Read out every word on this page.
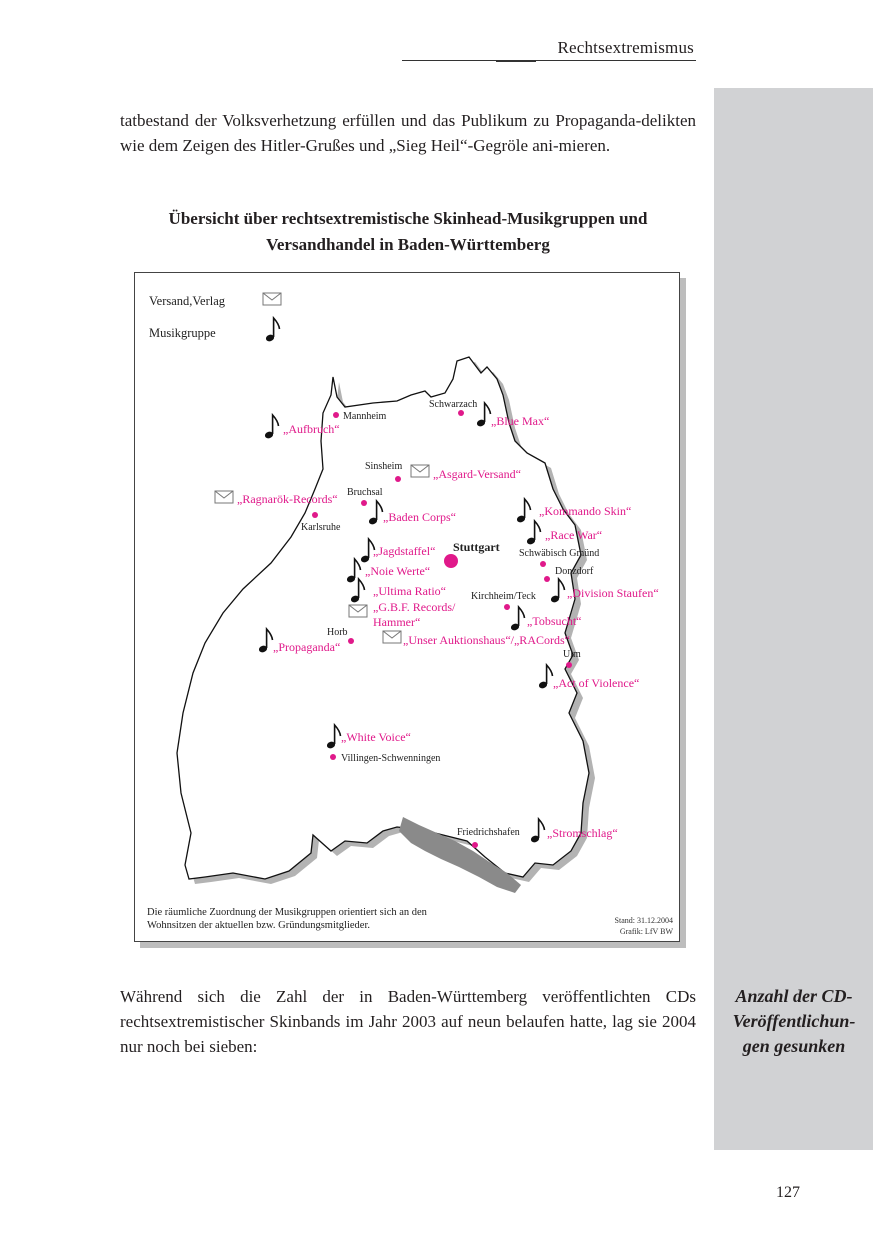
Rechtsextremismus

tatbestand der Volksverhetzung erfüllen und das Publikum zu Propaganda-delikten wie dem Zeigen des Hitler-Grußes und „Sieg Heil“-Gegröle ani-mieren.

Übersicht über rechtsextremistische Skinhead-Musikgruppen und
Versandhandel in Baden-Württemberg
Versand,Verlag
Musikgruppe
Mannheim
Schwarzach
Sinsheim
Bruchsal
Karlsruhe
Stuttgart Schwäbisch Gmünd
Donzdorf
Kirchheim/Teck
Horb
Ulm
Villingen-Schwenningen
Friedrichshafen
„Aufbruch“
„Blue Max“
„Asgard-Versand“
„Ragnarök-Records“
„Baden Corps“	„Kommando Skin“
„Race War“
„Jagdstaffel“
„Noie Werte“
„Ultima Ratio“
„G.B.F. Records/
Hammer“
„Division Staufen“
„Tobsucht“
„Unser Auktionshaus“/„RACords“
„Propaganda“
„Act of Violence“
„White Voice“
„Stromschlag“
Die räumliche Zuordnung der Musikgruppen orientiert sich an den
Wohnsitzen der aktuellen bzw. Gründungsmitglieder.	Stand: 31.12.2004
Grafik: LfV BW

Während sich die Zahl der in Baden-Württemberg veröffentlichten CDs rechtsextremistischer Skinbands im Jahr 2003 auf neun belaufen hatte, lag sie 2004 nur noch bei sieben:

Anzahl der CD-Veröffentlichun-gen gesunken
127
